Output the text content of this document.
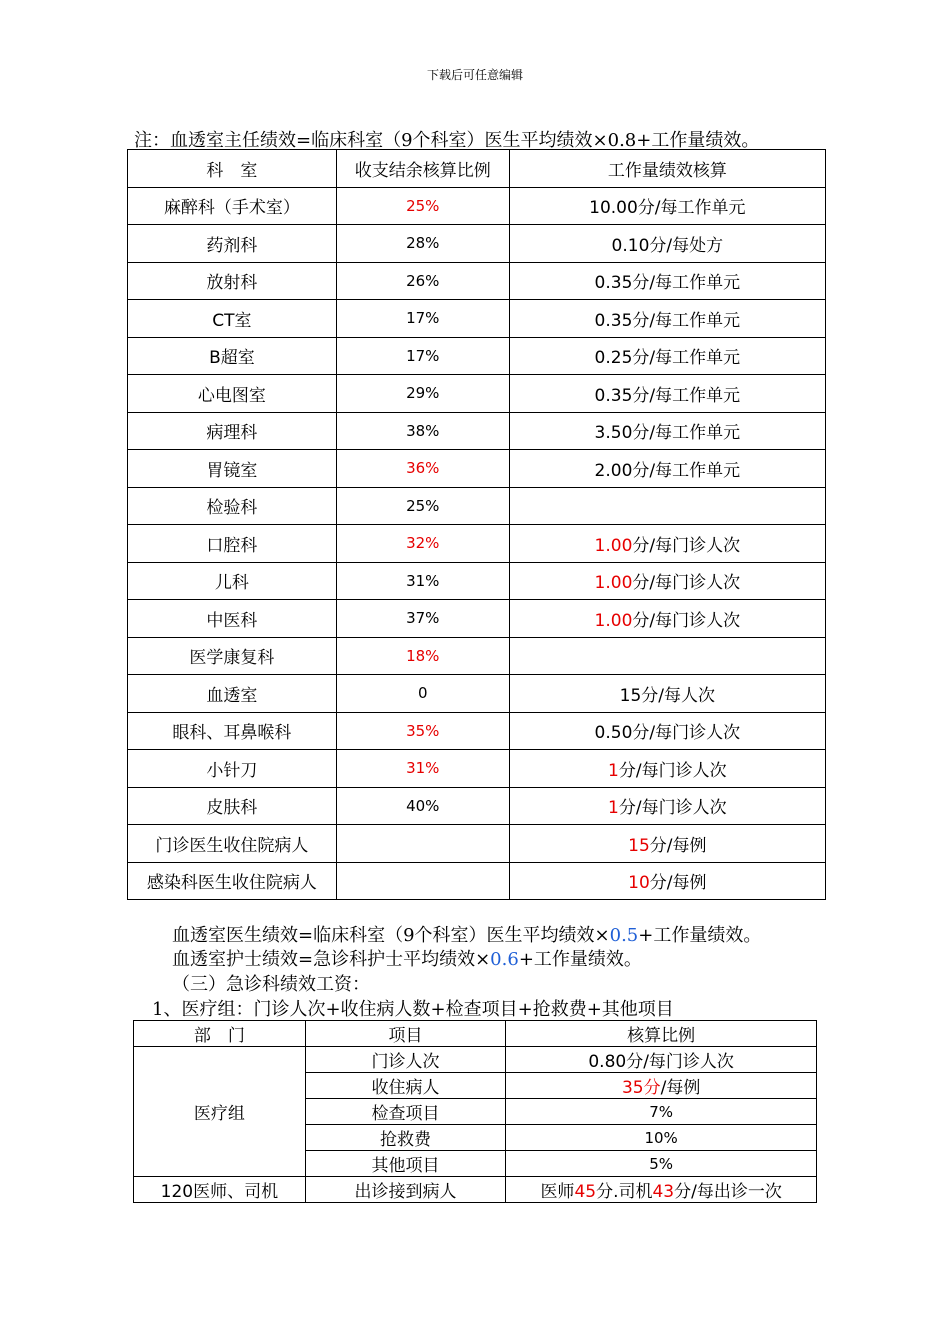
下载后可任意编辑
注：血透室主任绩效=临床科室（9个科室）医生平均绩效×0.8+工作量绩效。
科　室	收支结余核算比例	工作量绩效核算
麻醉科（手术室）	25%	10.00分/每工作单元
药剂科	28%	0.10分/每处方
放射科	26%	0.35分/每工作单元
CT室	17%	0.35分/每工作单元
B超室	17%	0.25分/每工作单元
心电图室	29%	0.35分/每工作单元
病理科	38%	3.50分/每工作单元
胃镜室	36%	2.00分/每工作单元
检验科	25%	
口腔科	32%	1.00分/每门诊人次
儿科	31%	1.00分/每门诊人次
中医科	37%	1.00分/每门诊人次
医学康复科	18%	
血透室	0	15分/每人次
眼科、耳鼻喉科	35%	0.50分/每门诊人次
小针刀	31%	1分/每门诊人次
皮肤科	40%	1分/每门诊人次
门诊医生收住院病人		15分/每例
感染科医生收住院病人		10分/每例
血透室医生绩效=临床科室（9个科室）医生平均绩效×0.5+工作量绩效。
血透室护士绩效=急诊科护士平均绩效×0.6+工作量绩效。
（三）急诊科绩效工资：
1、医疗组：门诊人次+收住病人数+检查项目+抢救费+其他项目
部　门	项目	核算比例
医疗组	门诊人次	0.80分/每门诊人次
	收住病人	35分/每例
	检查项目	7%
	抢救费	10%
	其他项目	5%
120医师、司机	出诊接到病人	医师45分.司机43分/每出诊一次
